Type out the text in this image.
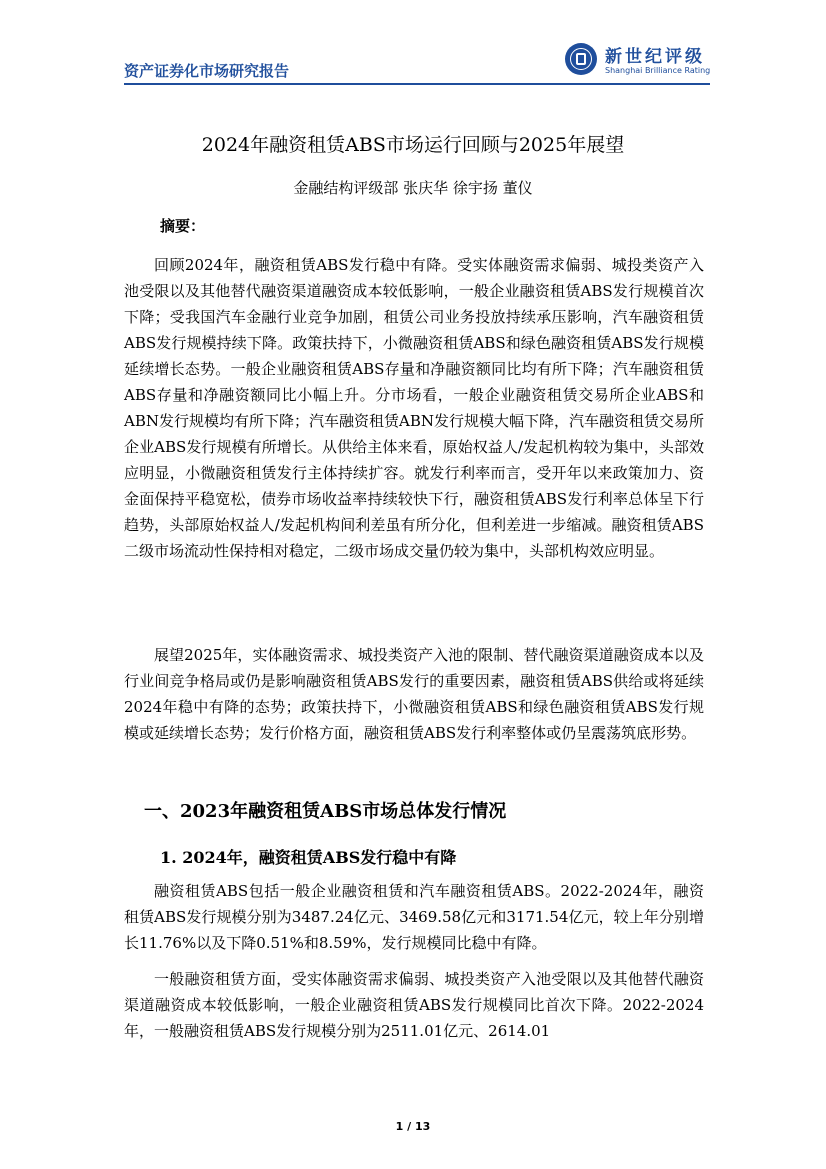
资产证券化市场研究报告
新世纪评级
Shanghai Brilliance Rating
2024年融资租赁ABS市场运行回顾与2025年展望
金融结构评级部 张庆华 徐宇扬 董仪
摘要：

回顾2024年，融资租赁ABS发行稳中有降。受实体融资需求偏弱、城投类资产入池受限以及其他替代融资渠道融资成本较低影响，一般企业融资租赁ABS发行规模首次下降；受我国汽车金融行业竞争加剧，租赁公司业务投放持续承压影响，汽车融资租赁ABS发行规模持续下降。政策扶持下，小微融资租赁ABS和绿色融资租赁ABS发行规模延续增长态势。一般企业融资租赁ABS存量和净融资额同比均有所下降；汽车融资租赁ABS存量和净融资额同比小幅上升。分市场看，一般企业融资租赁交易所企业ABS和ABN发行规模均有所下降；汽车融资租赁ABN发行规模大幅下降，汽车融资租赁交易所企业ABS发行规模有所增长。从供给主体来看，原始权益人/发起机构较为集中，头部效应明显，小微融资租赁发行主体持续扩容。就发行利率而言，受开年以来政策加力、资金面保持平稳宽松，债券市场收益率持续较快下行，融资租赁ABS发行利率总体呈下行趋势，头部原始权益人/发起机构间利差虽有所分化，但利差进一步缩减。融资租赁ABS二级市场流动性保持相对稳定，二级市场成交量仍较为集中，头部机构效应明显。

展望2025年，实体融资需求、城投类资产入池的限制、替代融资渠道融资成本以及行业间竞争格局或仍是影响融资租赁ABS发行的重要因素，融资租赁ABS供给或将延续2024年稳中有降的态势；政策扶持下，小微融资租赁ABS和绿色融资租赁ABS发行规模或延续增长态势；发行价格方面，融资租赁ABS发行利率整体或仍呈震荡筑底形势。

一、2023年融资租赁ABS市场总体发行情况
1. 2024年，融资租赁ABS发行稳中有降

融资租赁ABS包括一般企业融资租赁和汽车融资租赁ABS。2022-2024年，融资租赁ABS发行规模分别为3487.24亿元、3469.58亿元和3171.54亿元，较上年分别增长11.76%以及下降0.51%和8.59%，发行规模同比稳中有降。

一般融资租赁方面，受实体融资需求偏弱、城投类资产入池受限以及其他替代融资渠道融资成本较低影响，一般企业融资租赁ABS发行规模同比首次下降。2022-2024年，一般融资租赁ABS发行规模分别为2511.01亿元、2614.01

1 / 13
